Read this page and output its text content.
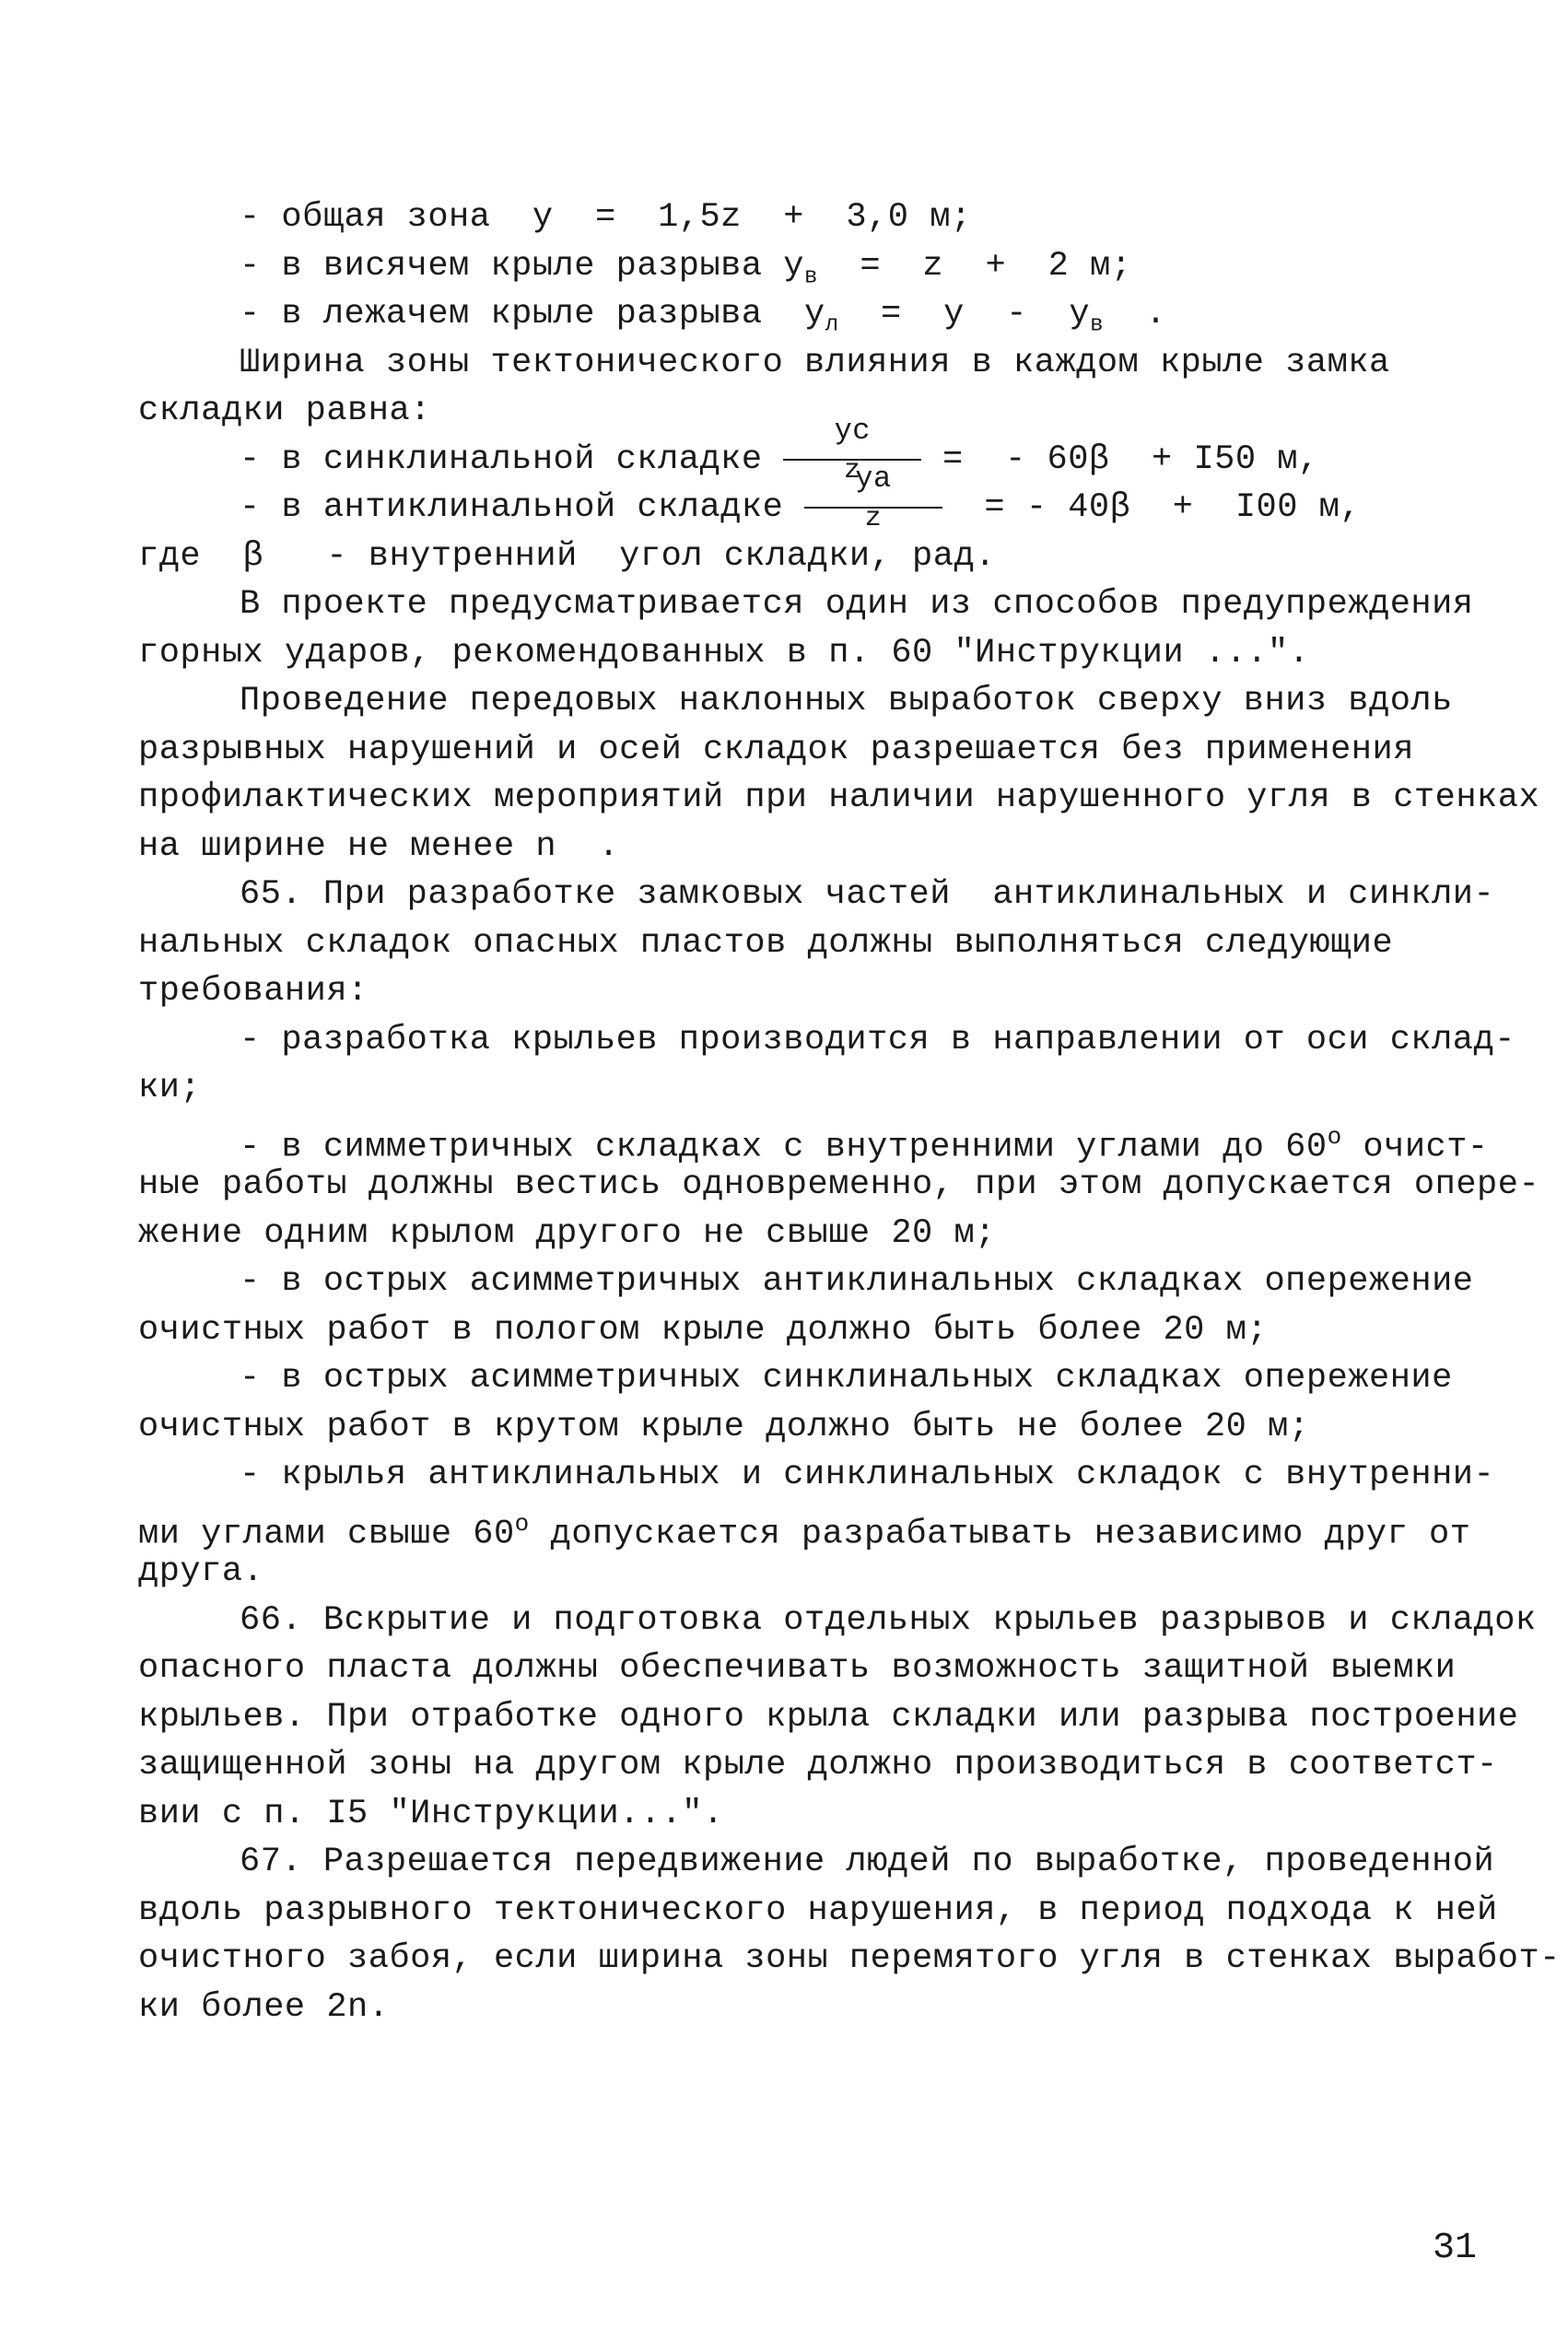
- общая зона  у  =  1,5z  +  3,0 м;
- в висячем крыле разрыва $у_в = z + 2$ м;
- в лежачем крыле разрыва  $у_л = у - у_в$  .
Ширина зоны тектонического влияния в каждом крыле замка
складки равна:
- в синклинальной складке $\frac{ус}{z}$ =  - 60β  + I50 м,
- в антиклинальной складке $\frac{уа}{z}$ = - 40β  +  I00 м,
где  β   - внутренний  угол складки, рад.
В проекте предусматривается один из способов предупреждения
горных ударов, рекомендованных в п. 60 "Инструкции ...".
Проведение передовых наклонных выработок сверху вниз вдоль
разрывных нарушений и осей складок разрешается без применения
профилактических мероприятий при наличии нарушенного угля в стенках
на ширине не менее n  .
65. При разработке замковых частей  антиклинальных и синкли-
нальных складок опасных пластов должны выполняться следующие
требования:
- разработка крыльев производится в направлении от оси склад-
ки;
- в симметричных складках с внутренними углами до $60^о$ очист-
ные работы должны вестись одновременно, при этом допускается опере-
жение одним крылом другого не свыше 20 м;
- в острых асимметричных антиклинальных складках опережение
очистных работ в пологом крыле должно быть более 20 м;
- в острых асимметричных синклинальных складках опережение
очистных работ в крутом крыле должно быть не более 20 м;
- крылья антиклинальных и синклинальных складок с внутренни-
ми углами свыше $60^о$ допускается разрабатывать независимо друг от
друга.
66. Вскрытие и подготовка отдельных крыльев разрывов и складок
опасного пласта должны обеспечивать возможность защитной выемки
крыльев. При отработке одного крыла складки или разрыва построение
защищенной зоны на другом крыле должно производиться в соответст-
вии с п. I5 "Инструкции...".
67. Разрешается передвижение людей по выработке, проведенной
вдоль разрывного тектонического нарушения, в период подхода к ней
очистного забоя, если ширина зоны перемятого угля в стенках выработ-
ки более 2n.
31
